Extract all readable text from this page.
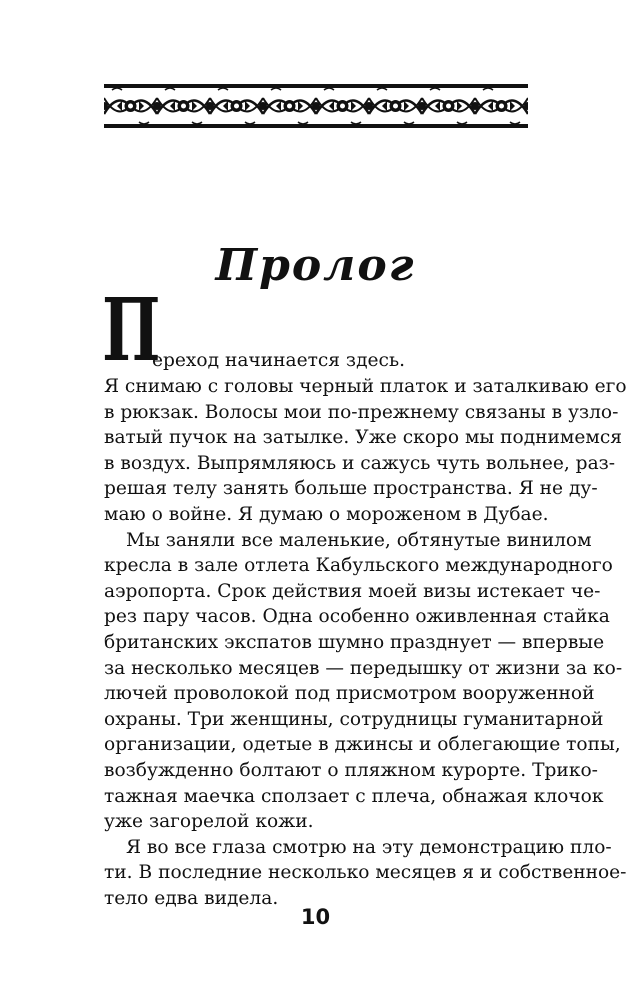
Пролог
П
ереход начинается здесь.
Я снимаю с головы черный платок и заталкиваю его
в рюкзак. Волосы мои по-прежнему связаны в узло-
ватый пучок на затылке. Уже скоро мы поднимемся
в воздух. Выпрямляюсь и сажусь чуть вольнее, раз-
решая телу занять больше пространства. Я не ду-
маю о войне. Я думаю о мороженом в Дубае.
Мы заняли все маленькие, обтянутые винилом
кресла в зале отлета Кабульского международного
аэропорта. Срок действия моей визы истекает че-
рез пару часов. Одна особенно оживленная стайка
британских экспатов шумно празднует — впервые
за несколько месяцев — передышку от жизни за ко-
лючей проволокой под присмотром вооруженной
охраны. Три женщины, сотрудницы гуманитарной
организации, одетые в джинсы и облегающие топы,
возбужденно болтают о пляжном курорте. Трико-
тажная маечка сползает с плеча, обнажая клочок
уже загорелой кожи.
Я во все глаза смотрю на эту демонстрацию пло-
ти. В последние несколько месяцев я и собственное-
тело едва видела.
10
